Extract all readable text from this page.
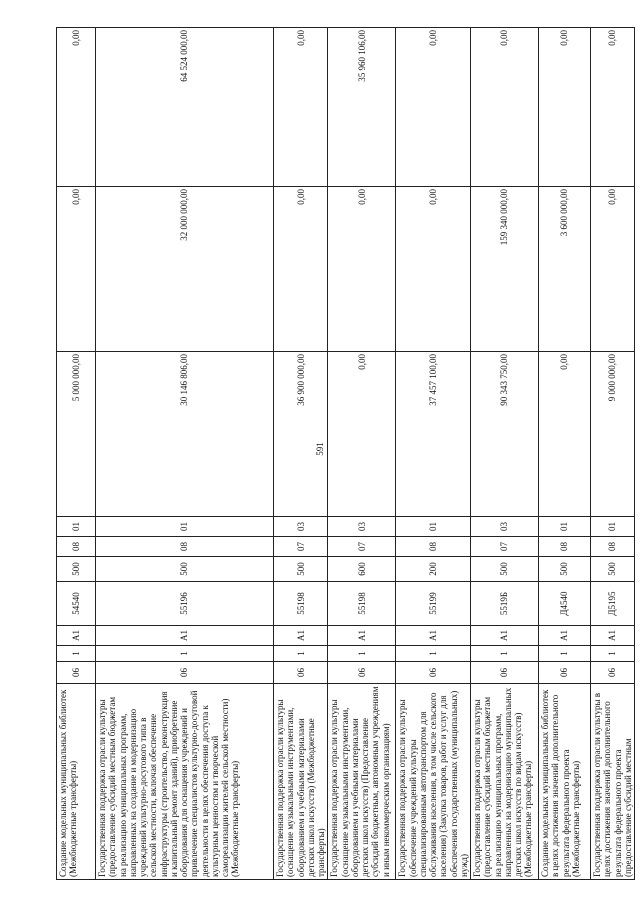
591
Создание модельных муниципальных библиотек (Межбюджетные трансферты)	06	1	А1	54540	500	08	01	5 000 000,00	0,00	0,00
Государственная поддержка отрасли культуры (предоставление субсидий местным бюджетам на реализацию муниципальных программ, направленных на создание и модернизацию учреждений культурно-досугового типа в сельской местности, включая обеспечение инфраструктуры (строительство, реконструкция и капитальный ремонт зданий), приобретение оборудования для оснащения учреждений и привлечение специалистов культурно-досуговой деятельности в целях обеспечения доступа к культурным ценностям и творческой самореализации жителей сельской местности) (Межбюджетные трансферты)	06	1	А1	55196	500	08	01	30 146 806,00	32 000 000,00	64 524 000,00
Государственная поддержка отрасли культуры (оснащение музыкальными инструментами, оборудованием и учебными материалами детских школ искусств) (Межбюджетные трансферты)	06	1	А1	55198	500	07	03	36 900 000,00	0,00	0,00
Государственная поддержка отрасли культуры (оснащение музыкальными инструментами, оборудованием и учебными материалами детских школ искусств) (Предоставление субсидий бюджетным, автономным учреждениям и иным некоммерческим организациям)	06	1	А1	55198	600	07	03	0,00	0,00	35 960 106,00
Государственная поддержка отрасли культуры (обеспечение учреждений культуры специализированным автотранспортом для обслуживания населения, в том числе сельского населения) (Закупка товаров, работ и услуг для обеспечения государственных (муниципальных) нужд)	06	1	А1	55199	200	08	01	37 457 100,00	0,00	0,00
Государственная поддержка отрасли культуры (предоставление субсидий местным бюджетам на реализацию муниципальных программ, направленных на модернизацию муниципальных детских школ искусств по видам искусств) (Межбюджетные трансферты)	06	1	А1	5519Б	500	07	03	90 343 750,00	159 340 000,00	0,00
Создание модельных муниципальных библиотек в целях достижения значений дополнительного результата федерального проекта (Межбюджетные трансферты)	06	1	А1	Д4540	500	08	01	0,00	3 600 000,00	0,00
Государственная поддержка отрасли культуры в целях достижения значений дополнительного результата федерального проекта (предоставление субсидий местным	06	1	А1	Д5195	500	08	01	9 000 000,00	0,00	0,00
